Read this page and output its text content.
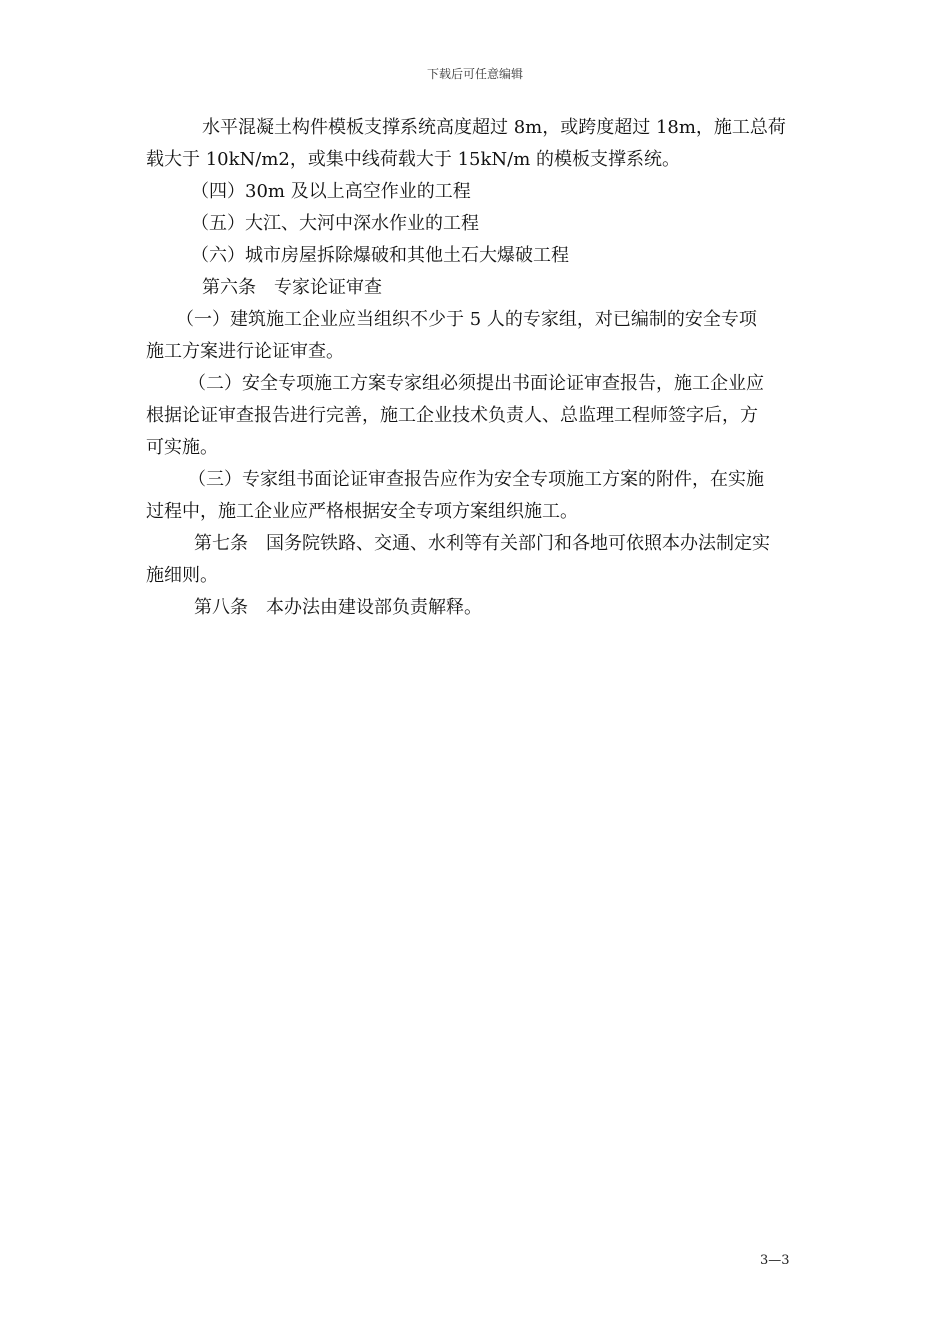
下载后可任意编辑

水平混凝土构件模板支撑系统高度超过 8m，或跨度超过 18m，施工总荷

载大于 10kN/m2，或集中线荷载大于 15kN/m 的模板支撑系统。

（四）30m 及以上高空作业的工程

（五）大江、大河中深水作业的工程

（六）城市房屋拆除爆破和其他土石大爆破工程

第六条　专家论证审查

（一）建筑施工企业应当组织不少于 5 人的专家组，对已编制的安全专项

施工方案进行论证审查。

（二）安全专项施工方案专家组必须提出书面论证审查报告，施工企业应

根据论证审查报告进行完善，施工企业技术负责人、总监理工程师签字后，方

可实施。

（三）专家组书面论证审查报告应作为安全专项施工方案的附件，在实施

过程中，施工企业应严格根据安全专项方案组织施工。

第七条　国务院铁路、交通、水利等有关部门和各地可依照本办法制定实

施细则。

第八条　本办法由建设部负责解释。

3—3
